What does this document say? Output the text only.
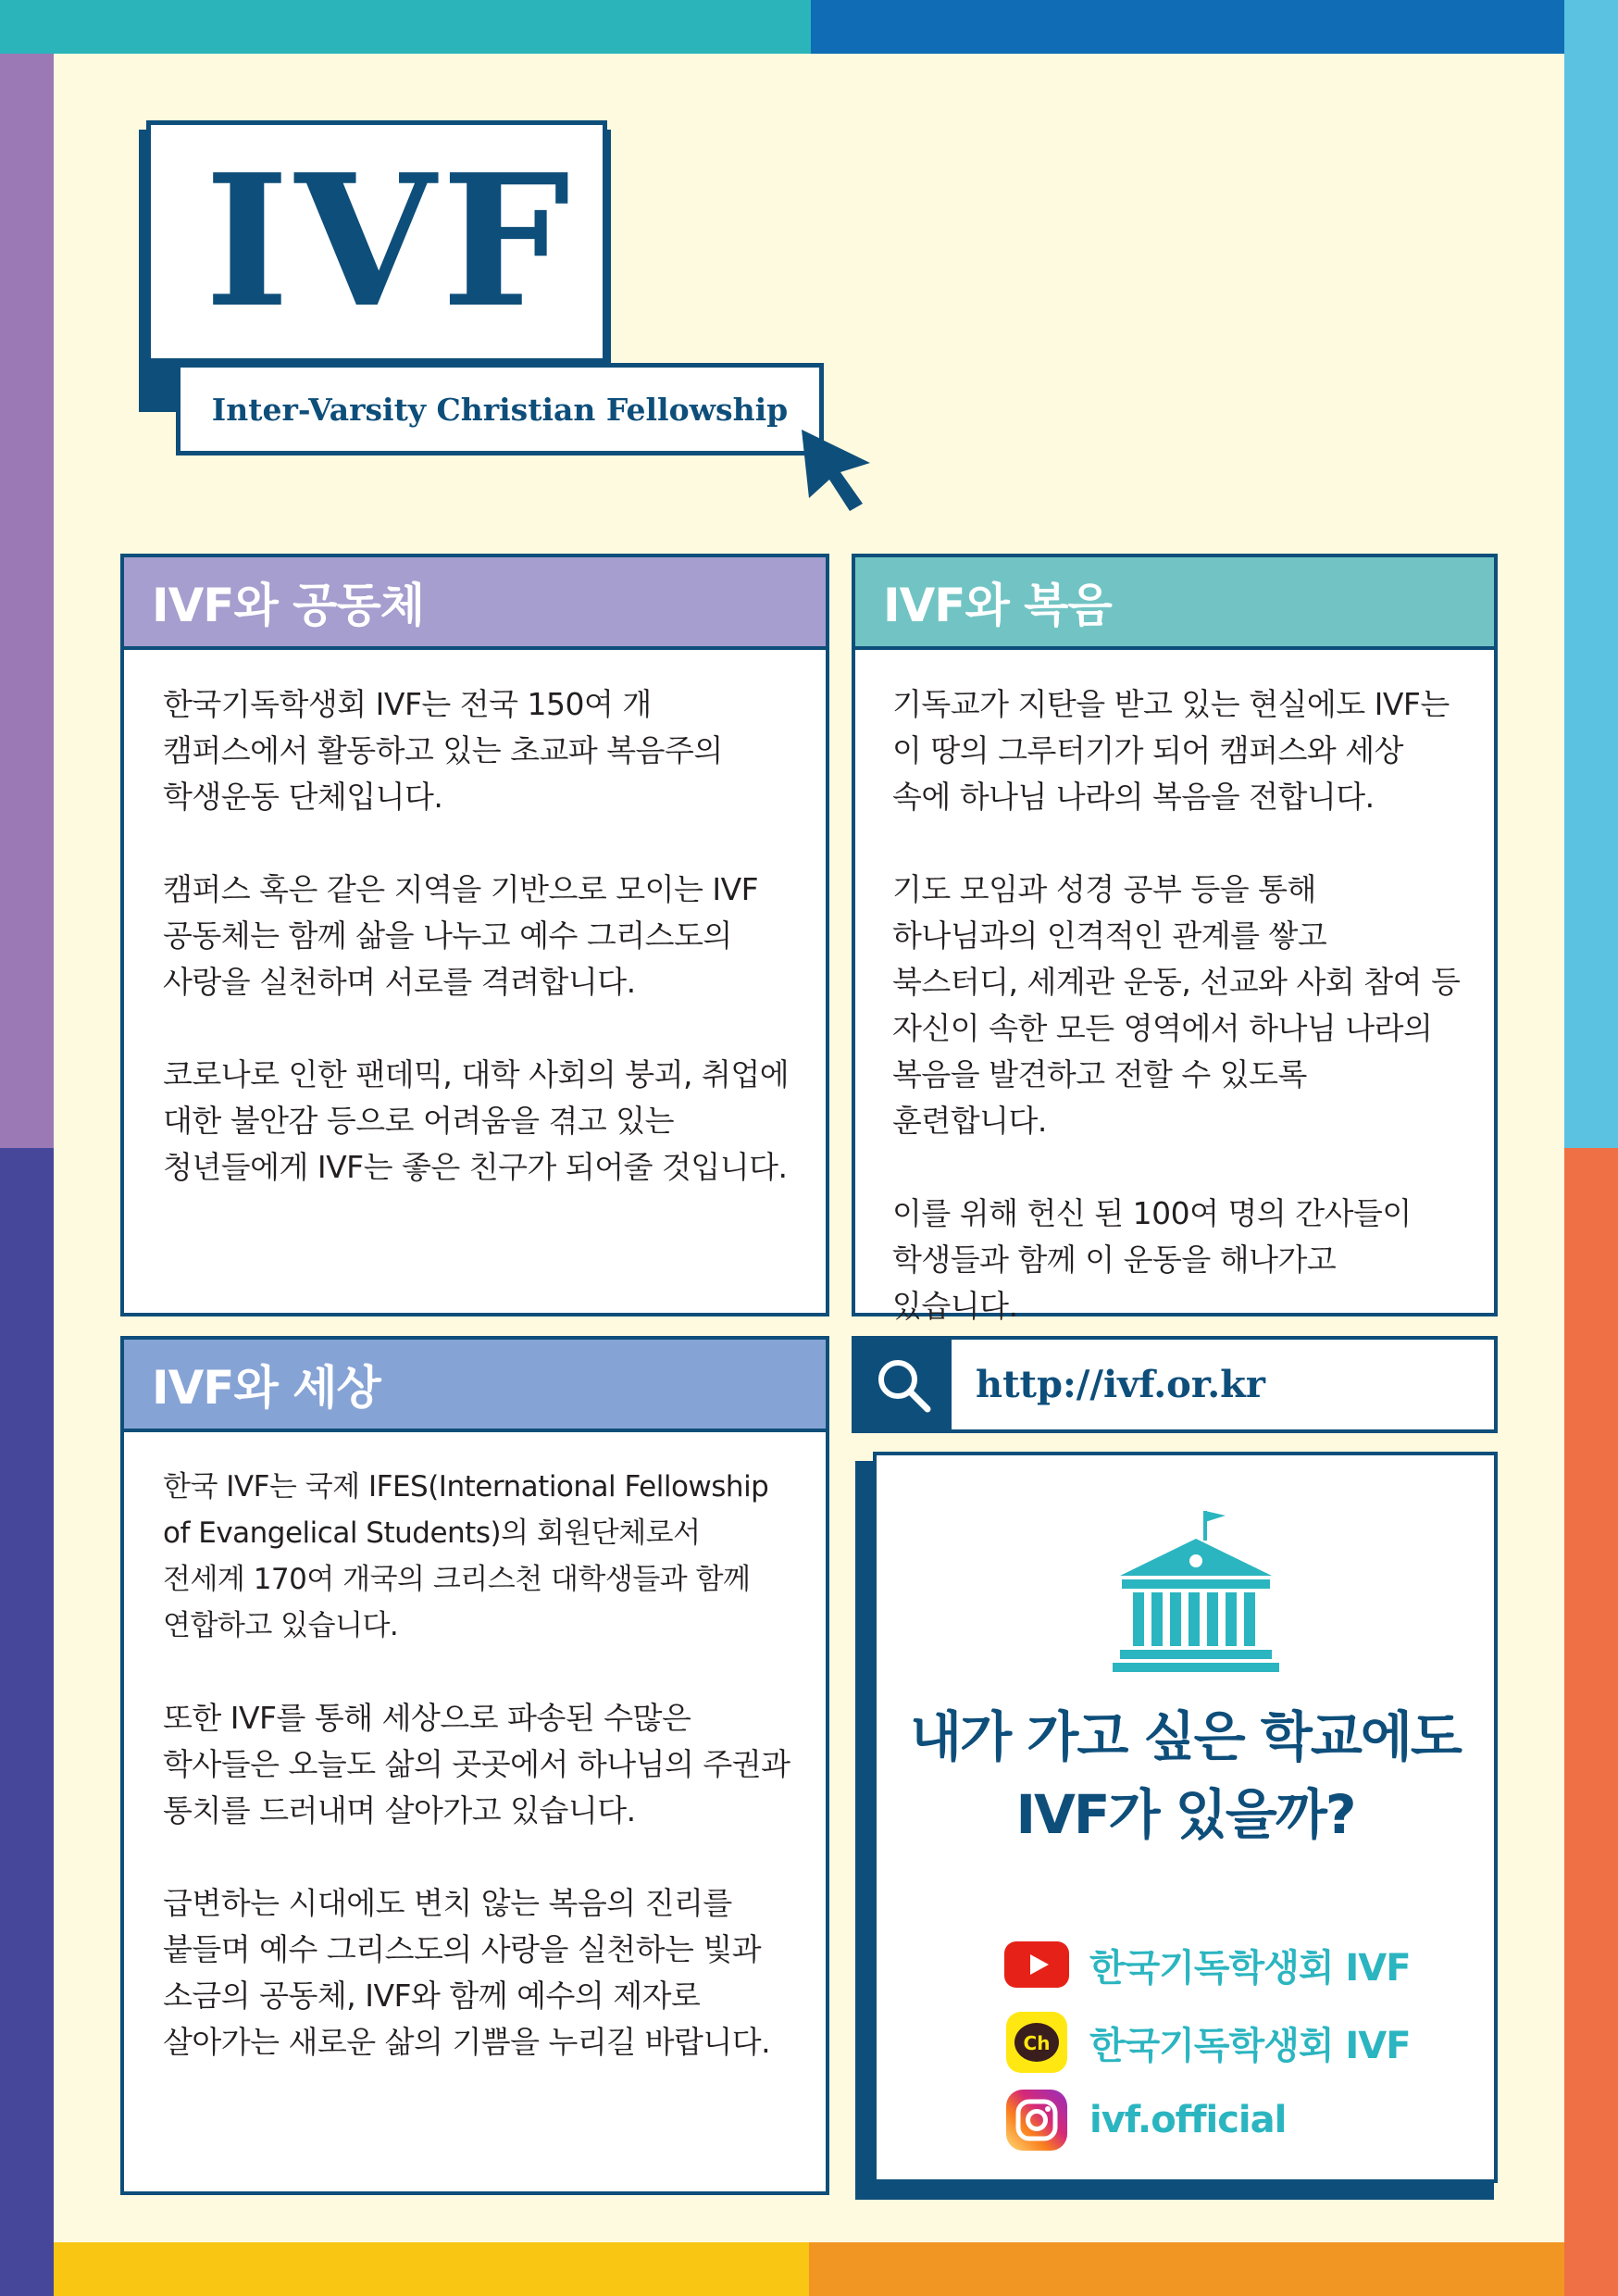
IVF
Inter-Varsity Christian Fellowship
IVF와 공동체

한국기독학생회 IVF는 전국 150여 개 캠퍼스에서 활동하고 있는 초교파 복음주의 학생운동 단체입니다.

캠퍼스 혹은 같은 지역을 기반으로 모이는 IVF 공동체는 함께 삶을 나누고 예수 그리스도의 사랑을 실천하며 서로를 격려합니다.

코로나로 인한 팬데믹, 대학 사회의 붕괴, 취업에 대한 불안감 등으로 어려움을 겪고 있는 청년들에게 IVF는 좋은 친구가 되어줄 것입니다.

IVF와 복음

기독교가 지탄을 받고 있는 현실에도 IVF는 이 땅의 그루터기가 되어 캠퍼스와 세상 속에 하나님 나라의 복음을 전합니다.

기도 모임과 성경 공부 등을 통해 하나님과의 인격적인 관계를 쌓고 북스터디, 세계관 운동, 선교와 사회 참여 등 자신이 속한 모든 영역에서 하나님 나라의 복음을 발견하고 전할 수 있도록 훈련합니다.

이를 위해 헌신 된 100여 명의 간사들이 학생들과 함께 이 운동을 해나가고 있습니다.

IVF와 세상

한국 IVF는 국제 IFES(International Fellowship of Evangelical Students)의 회원단체로서 전세계 170여 개국의 크리스천 대학생들과 함께 연합하고 있습니다.

또한 IVF를 통해 세상으로 파송된 수많은 학사들은 오늘도 삶의 곳곳에서 하나님의 주권과 통치를 드러내며 살아가고 있습니다.

급변하는 시대에도 변치 않는 복음의 진리를 붙들며 예수 그리스도의 사랑을 실천하는 빛과 소금의 공동체, IVF와 함께 예수의 제자로 살아가는 새로운 삶의 기쁨을 누리길 바랍니다.

http://ivf.or.kr
내가 가고 싶은 학교에도
IVF가 있을까?
한국기독학생회 IVF
Ch 한국기독학생회 IVF
ivf.official
